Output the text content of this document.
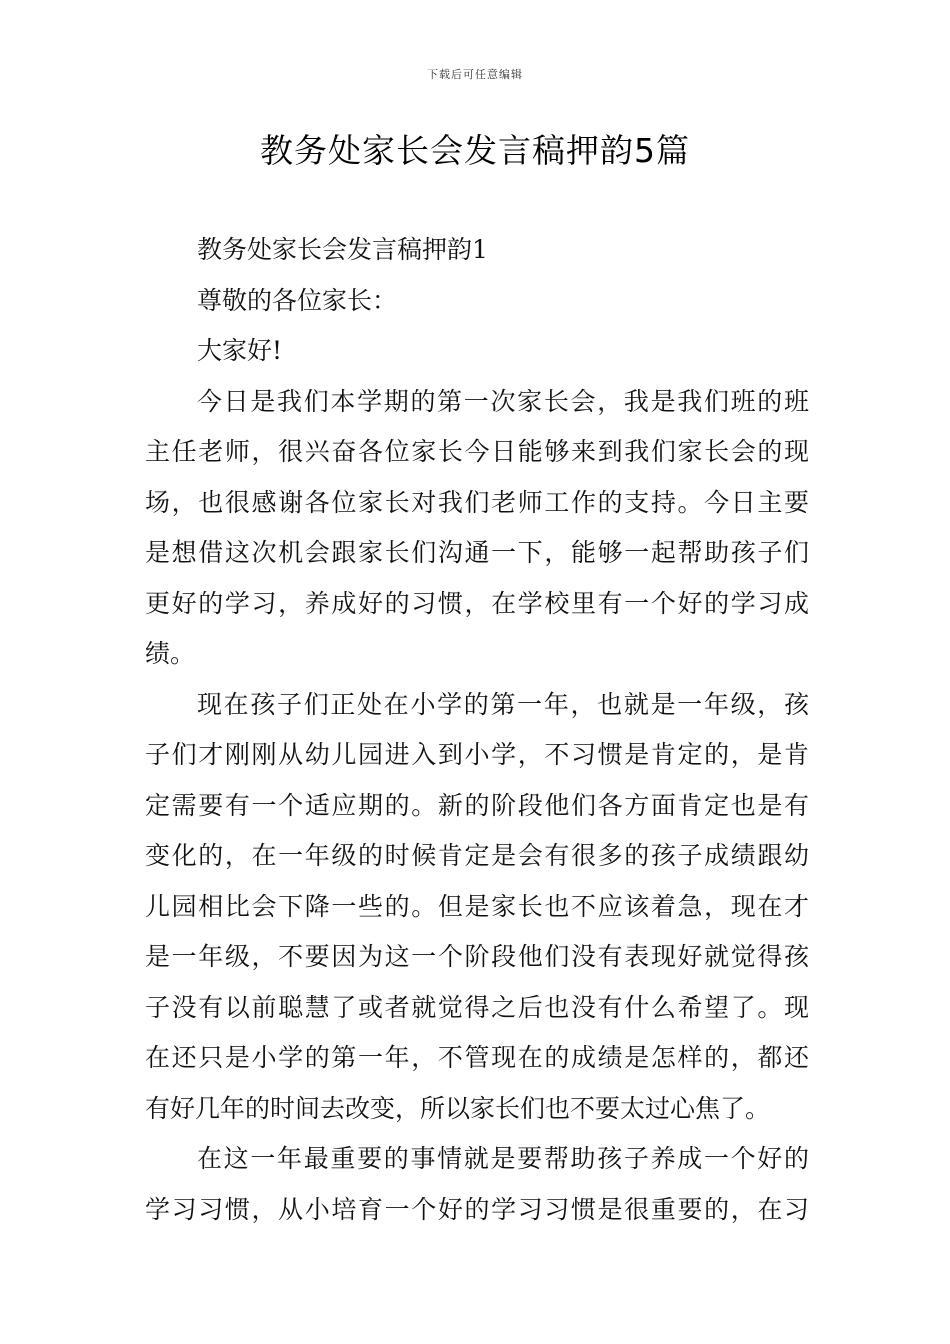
下载后可任意编辑
教务处家长会发言稿押韵5篇

教务处家长会发言稿押韵1

尊敬的各位家长：

大家好!

今日是我们本学期的第一次家长会，我是我们班的班

主任老师，很兴奋各位家长今日能够来到我们家长会的现

场，也很感谢各位家长对我们老师工作的支持。今日主要

是想借这次机会跟家长们沟通一下，能够一起帮助孩子们

更好的学习，养成好的习惯，在学校里有一个好的学习成

绩。

现在孩子们正处在小学的第一年，也就是一年级，孩

子们才刚刚从幼儿园进入到小学，不习惯是肯定的，是肯

定需要有一个适应期的。新的阶段他们各方面肯定也是有

变化的，在一年级的时候肯定是会有很多的孩子成绩跟幼

儿园相比会下降一些的。但是家长也不应该着急，现在才

是一年级，不要因为这一个阶段他们没有表现好就觉得孩

子没有以前聪慧了或者就觉得之后也没有什么希望了。现

在还只是小学的第一年，不管现在的成绩是怎样的，都还

有好几年的时间去改变，所以家长们也不要太过心焦了。

在这一年最重要的事情就是要帮助孩子养成一个好的

学习习惯，从小培育一个好的学习习惯是很重要的，在习
